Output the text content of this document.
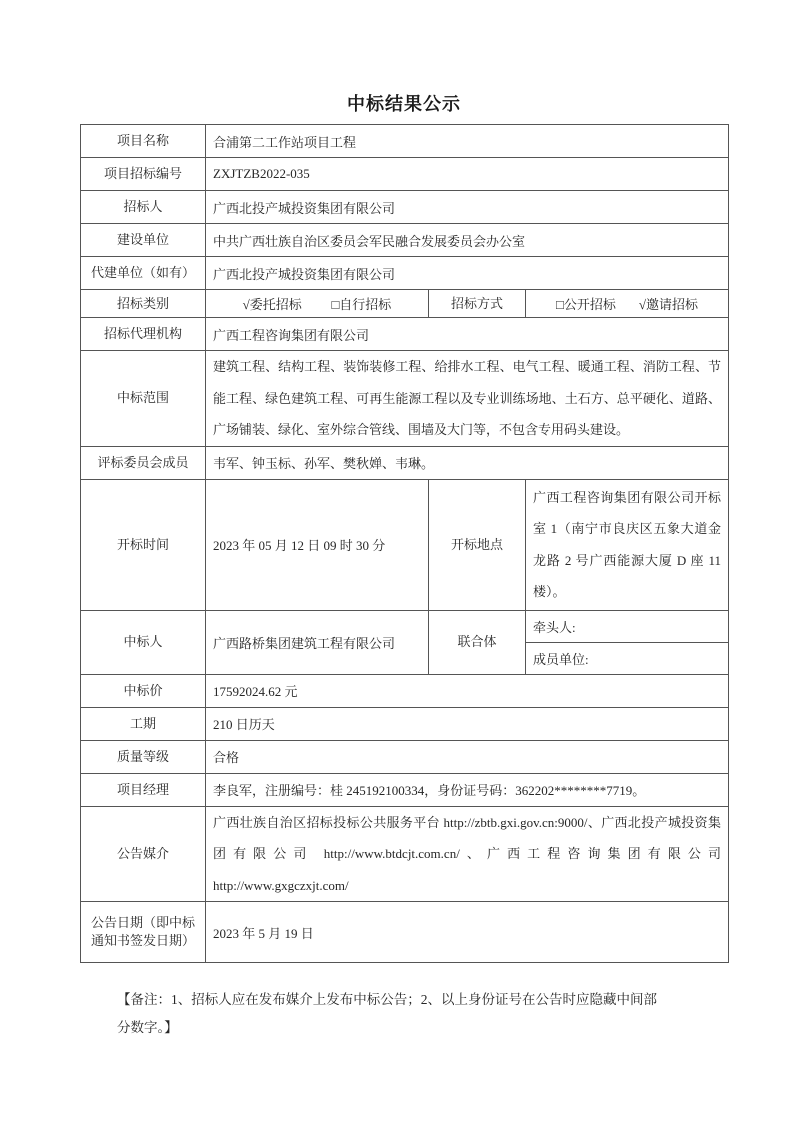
中标结果公示
项目名称	合浦第二工作站项目工程		
项目招标编号	ZXJTZB2022-035		
招标人	广西北投产城投资集团有限公司		
建设单位	中共广西壮族自治区委员会军民融合发展委员会办公室		
代建单位（如有）	广西北投产城投资集团有限公司		
招标类别	√委托招标 □自行招标	招标方式	□公开招标 √邀请招标

招标代理机构	广西工程咨询集团有限公司		
中标范围	建筑工程、结构工程、装饰装修工程、给排水工程、电气工程、暖通工程、消防工程、节能工程、绿色建筑工程、可再生能源工程以及专业训练场地、土石方、总平硬化、道路、广场铺装、绿化、室外综合管线、围墙及大门等，不包含专用码头建设。		
评标委员会成员	韦军、钟玉标、孙军、樊秋婵、韦琳。		
开标时间	2023 年 05 月 12 日 09 时 30 分	开标地点	广西工程咨询集团有限公司开标室 1（南宁市良庆区五象大道金龙路 2 号广西能源大厦 D 座 11 楼）。
中标人	广西路桥集团建筑工程有限公司	联合体	牵头人:
			成员单位:
中标价	17592024.62 元		
工期	210 日历天		
质量等级	合格		
项目经理	李良军，注册编号：桂 245192100334，身份证号码：362202********7719。		
公告媒介	广西壮族自治区招标投标公共服务平台 http://zbtb.gxi.gov.cn:9000/、广西北投产城投资集团有限公司 http://www.btdcjt.com.cn/、广西工程咨询集团有限公司 http://www.gxgczxjt.com/		
公告日期（即中标通知书签发日期）	2023 年 5 月 19 日		
【备注：1、招标人应在发布媒介上发布中标公告；2、以上身份证号在公告时应隐藏中间部
分数字。】
